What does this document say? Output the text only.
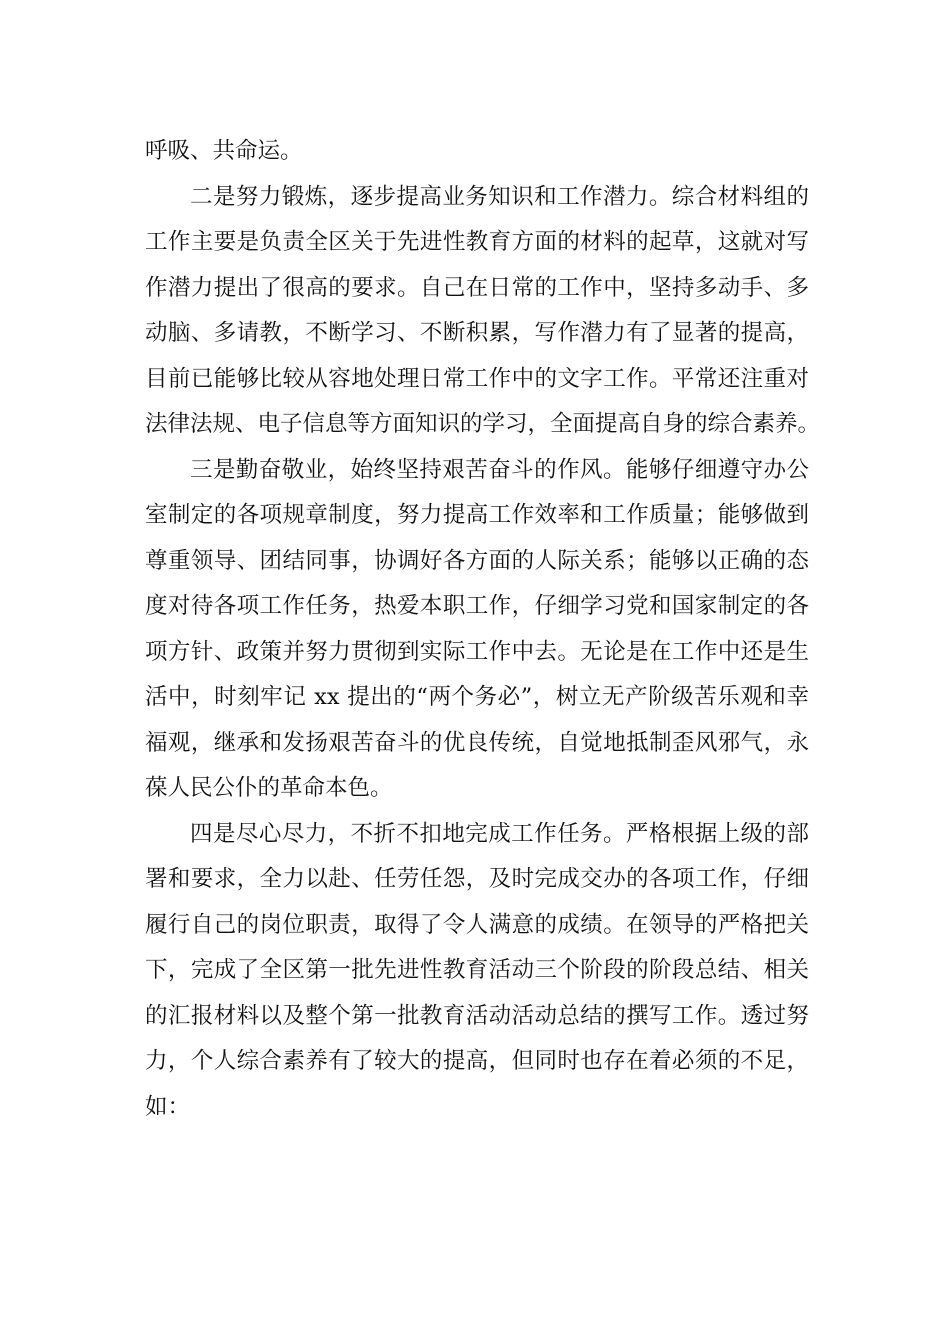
呼吸、共命运。
二是努力锻炼，逐步提高业务知识和工作潜力。综合材料组的
工作主要是负责全区关于先进性教育方面的材料的起草，这就对写
作潜力提出了很高的要求。自己在日常的工作中，坚持多动手、多
动脑、多请教，不断学习、不断积累，写作潜力有了显著的提高，
目前已能够比较从容地处理日常工作中的文字工作。平常还注重对
法律法规、电子信息等方面知识的学习，全面提高自身的综合素养。
三是勤奋敬业，始终坚持艰苦奋斗的作风。能够仔细遵守办公
室制定的各项规章制度，努力提高工作效率和工作质量；能够做到
尊重领导、团结同事，协调好各方面的人际关系；能够以正确的态
度对待各项工作任务，热爱本职工作，仔细学习党和国家制定的各
项方针、政策并努力贯彻到实际工作中去。无论是在工作中还是生
活中，时刻牢记 xx 提出的“两个务必”，树立无产阶级苦乐观和幸
福观，继承和发扬艰苦奋斗的优良传统，自觉地抵制歪风邪气，永
葆人民公仆的革命本色。
四是尽心尽力，不折不扣地完成工作任务。严格根据上级的部
署和要求，全力以赴、任劳任怨，及时完成交办的各项工作，仔细
履行自己的岗位职责，取得了令人满意的成绩。在领导的严格把关
下，完成了全区第一批先进性教育活动三个阶段的阶段总结、相关
的汇报材料以及整个第一批教育活动活动总结的撰写工作。透过努
力，个人综合素养有了较大的提高，但同时也存在着必须的不足，
如：
